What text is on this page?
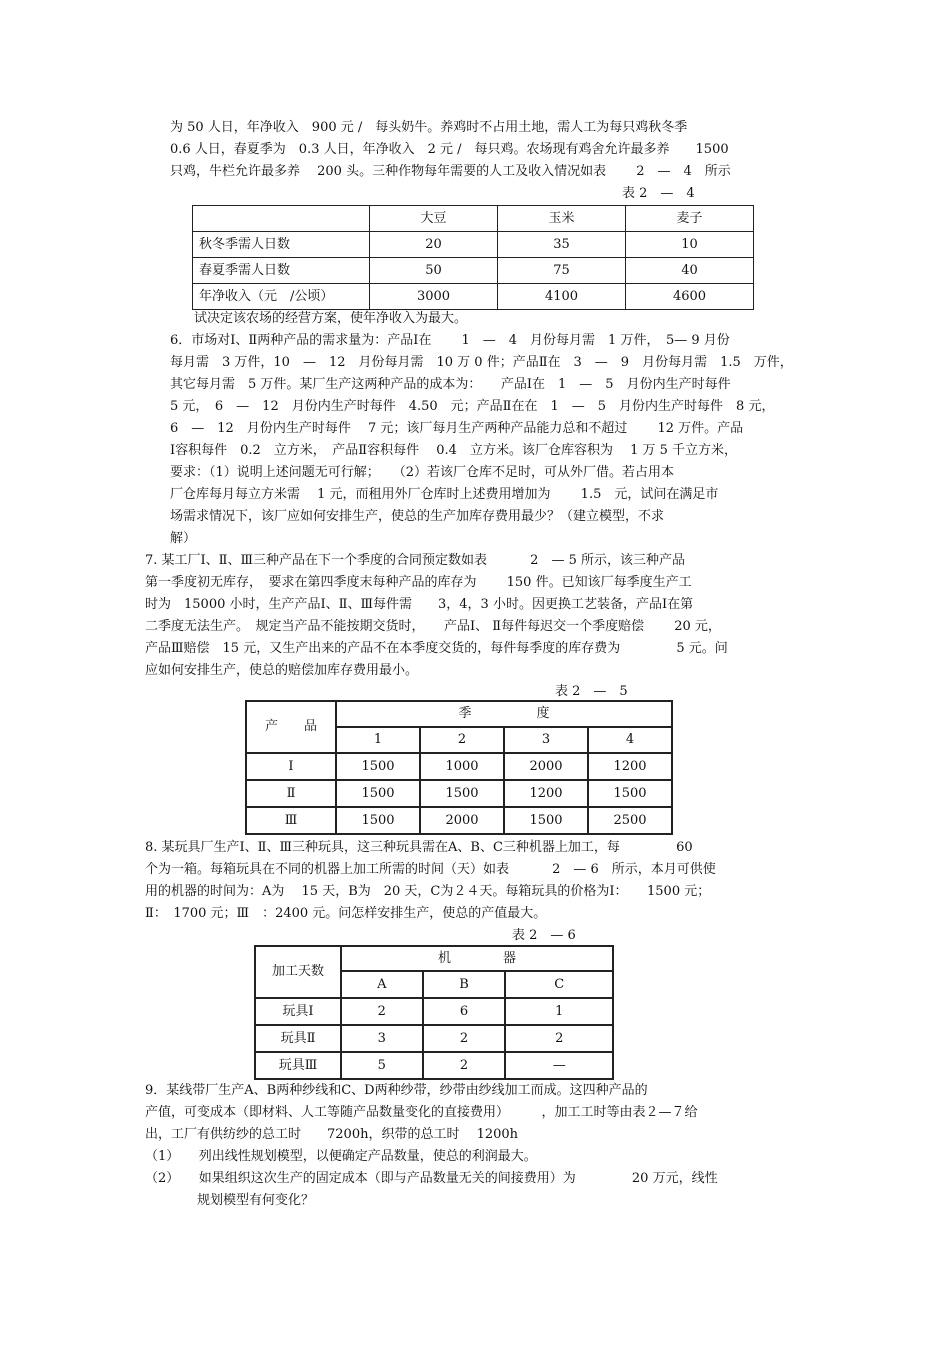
为 50 人日，年净收入　900 元 /　每头奶牛。养鸡时不占用土地，需人工为每只鸡秋冬季
0.6 人日，春夏季为　0.3 人日，年净收入　2 元 /　每只鸡。农场现有鸡舍允许最多养　　1500
只鸡，牛栏允许最多养　 200 头。三种作物每年需要的人工及收入情况如表　　 2　—　4　所示
表 2　—　4
	大豆	玉米	麦子
秋冬季需人日数	20	35	10
春夏季需人日数	50	75	40
年净收入（元　/公顷）	3000	4100	4600
试决定该农场的经营方案，使年净收入为最大。
6．市场对Ⅰ、Ⅱ两种产品的需求量为：产品Ⅰ在　　 1　—　4　月份每月需　1 万件，　5— 9 月份
每月需　3 万件，10　—　12　月份每月需　10 万 0 件；产品Ⅱ在　3　—　9　月份每月需　1.5　万件，
其它每月需　5 万件。某厂生产这两种产品的成本为：　　产品Ⅰ在　1　—　5　月份内生产时每件
5 元，　6　—　12　月份内生产时每件　4.50　元；产品Ⅱ在在　1　—　5　月份内生产时每件　8 元，
6　—　12　月份内生产时每件　 7 元；该厂每月生产两种产品能力总和不超过　　 12 万件。产品
Ⅰ容积每件　0.2　立方米，　产品Ⅱ容积每件　 0.4　立方米。该厂仓库容积为　 1 万 5 千立方米，
要求：（1）说明上述问题无可行解；　　（2）若该厂仓库不足时，可从外厂借。若占用本
厂仓库每月每立方米需　 1 元，而租用外厂仓库时上述费用增加为　　 1.5　元，试问在满足市
场需求情况下，该厂应如何安排生产，使总的生产加库存费用最少？（建立模型，不求
解）
7. 某工厂Ⅰ、Ⅱ、Ⅲ三种产品在下一个季度的合同预定数如表　　　 2　— 5 所示，该三种产品
第一季度初无库存，　要求在第四季度末每种产品的库存为　　 150 件。已知该厂每季度生产工
时为　15000 小时，生产产品Ⅰ、Ⅱ、Ⅲ每件需　　3，4，3 小时。因更换工艺装备，产品Ⅰ在第
二季度无法生产。　规定当产品不能按期交货时，　　产品Ⅰ、 Ⅱ每件每迟交一个季度赔偿　　 20 元，
产品Ⅲ赔偿　15 元，又生产出来的产品不在本季度交货的，每件每季度的库存费为　　　　 5 元。问
应如何安排生产，使总的赔偿加库存费用最小。
表 2　—　5
产　　品	季　　　　　度			
	1	2	3	4
Ⅰ	1500	1000	2000	1200
Ⅱ	1500	1500	1200	1500
Ⅲ	1500	2000	1500	2500
8. 某玩具厂生产Ⅰ、Ⅱ、Ⅲ三种玩具，这三种玩具需在A、B、C三种机器上加工，每　　　　 60
个为一箱。每箱玩具在不同的机器上加工所需的时间（天）如表　　　 2　— 6　所示，本月可供使
用的机器的时间为：A为　 15 天，B为　20 天，C为２４天。每箱玩具的价格为Ⅰ：　　1500 元；
Ⅱ：　1700 元；Ⅲ　：2400 元。问怎样安排生产，使总的产值最大。
表 2　— 6
加工天数	机　　　　器		
	A	B	C
玩具Ⅰ	2	6	1
玩具Ⅱ	3	2	2
玩具Ⅲ	5	2	—
9．某线带厂生产A、B两种纱线和C、D两种纱带，纱带由纱线加工而成。这四种产品的
产值，可变成本（即材料、人工等随产品数量变化的直接费用）　　　，加工工时等由表２—７给
出，工厂有供纺纱的总工时　　7200h，织带的总工时　 1200h
（1）　　列出线性规划模型，以便确定产品数量，使总的利润最大。
（2）　　如果组织这次生产的固定成本（即与产品数量无关的间接费用）为　　　　 20 万元，线性
　　　　规划模型有何变化？
